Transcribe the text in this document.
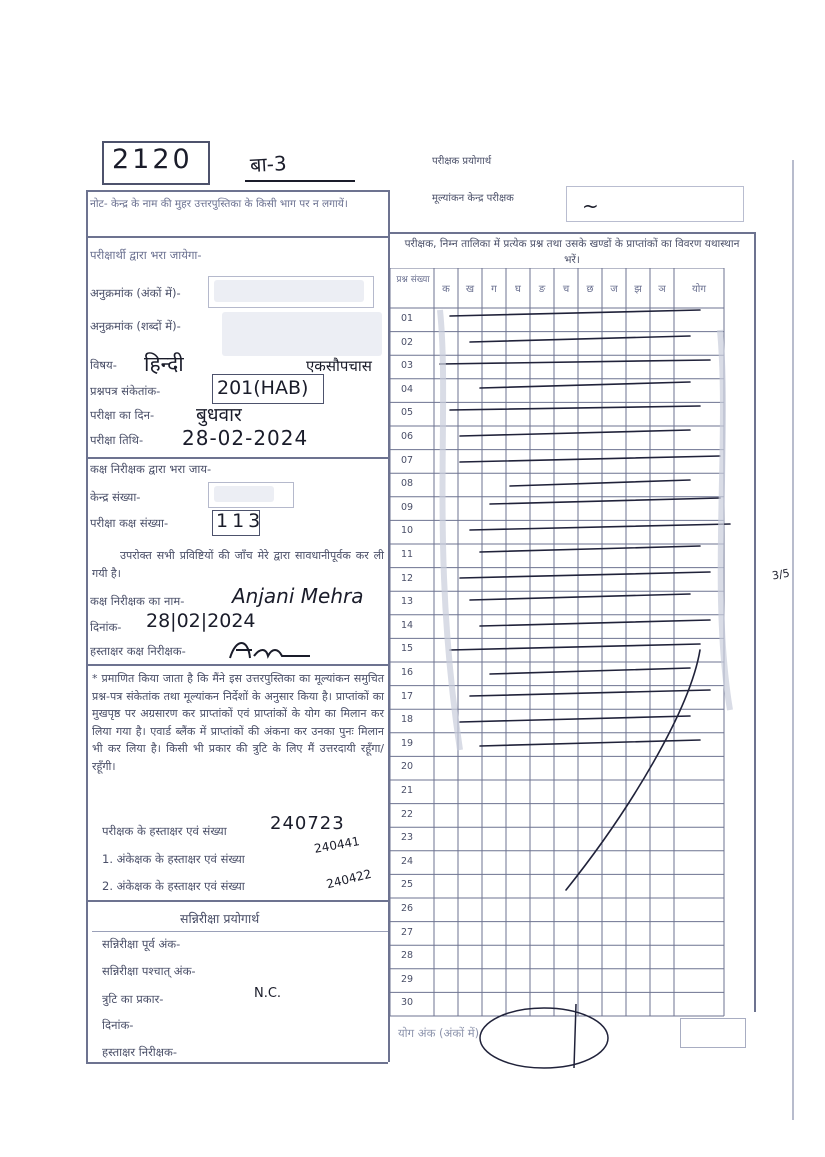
2120	बा-3	परीक्षक प्रयोगार्थ
मूल्यांकन केन्द्र परीक्षक	~
नोट- केन्द्र के नाम की मुहर उत्तरपुस्तिका के किसी भाग पर न लगायें।
परीक्षार्थी द्वारा भरा जायेगा-
अनुक्रमांक (अंकों में)-
अनुक्रमांक (शब्दों में)-
विषय- हिन्दी	एकसौपचास
प्रश्नपत्र संकेतांक-	201(HAB)
परीक्षा का दिन- बुधवार
परीक्षा तिथि- 28-02-2024
कक्ष निरीक्षक द्वारा भरा जाय-
केन्द्र संख्या-
परीक्षा कक्ष संख्या-	113
उपरोक्त सभी प्रविष्टियों की जाँच मेरे द्वारा सावधानीपूर्वक कर ली गयी है।
कक्ष निरीक्षक का नाम- Anjani Mehra
दिनांक- 28|02|2024
हस्ताक्षर कक्ष निरीक्षक-
* प्रमाणित किया जाता है कि मैंने इस उत्तरपुस्तिका का मूल्यांकन समुचित प्रश्न-पत्र संकेतांक तथा मूल्यांकन निर्देशों के अनुसार किया है। प्राप्तांकों का मुखपृष्ठ पर अग्रसारण कर प्राप्तांकों एवं प्राप्तांकों के योग का मिलान कर लिया गया है। एवार्ड ब्लैंक में प्राप्तांकों की अंकना कर उनका पुनः मिलान भी कर लिया है। किसी भी प्रकार की त्रुटि के लिए मैं उत्तरदायी रहूँगा/रहूँगी।
परीक्षक के हस्ताक्षर एवं संख्या 240723
1. अंकेक्षक के हस्ताक्षर एवं संख्या
240441
2. अंकेक्षक के हस्ताक्षर एवं संख्या	240422
सन्निरीक्षा प्रयोगार्थ
सन्निरीक्षा पूर्व अंक-
सन्निरीक्षा पश्चात् अंक-
त्रुटि का प्रकार-	N.C.
दिनांक-
हस्ताक्षर निरीक्षक-
परीक्षक, निम्न तालिका में प्रत्येक प्रश्न तथा उसके खण्डों के प्राप्तांकों का विवरण यथास्थान भरें।
प्रश्न संख्या
क	ख	ग	घ	ङ	च	छ	ज	झ	ञ	योग
01
02
03
04
05
06
07
08
09
10
11
12
13
14
15
16
17
18
19
20
21
22
23
24
25
26
27
28
29
30
योग अंक (अंकों में)
3/5
